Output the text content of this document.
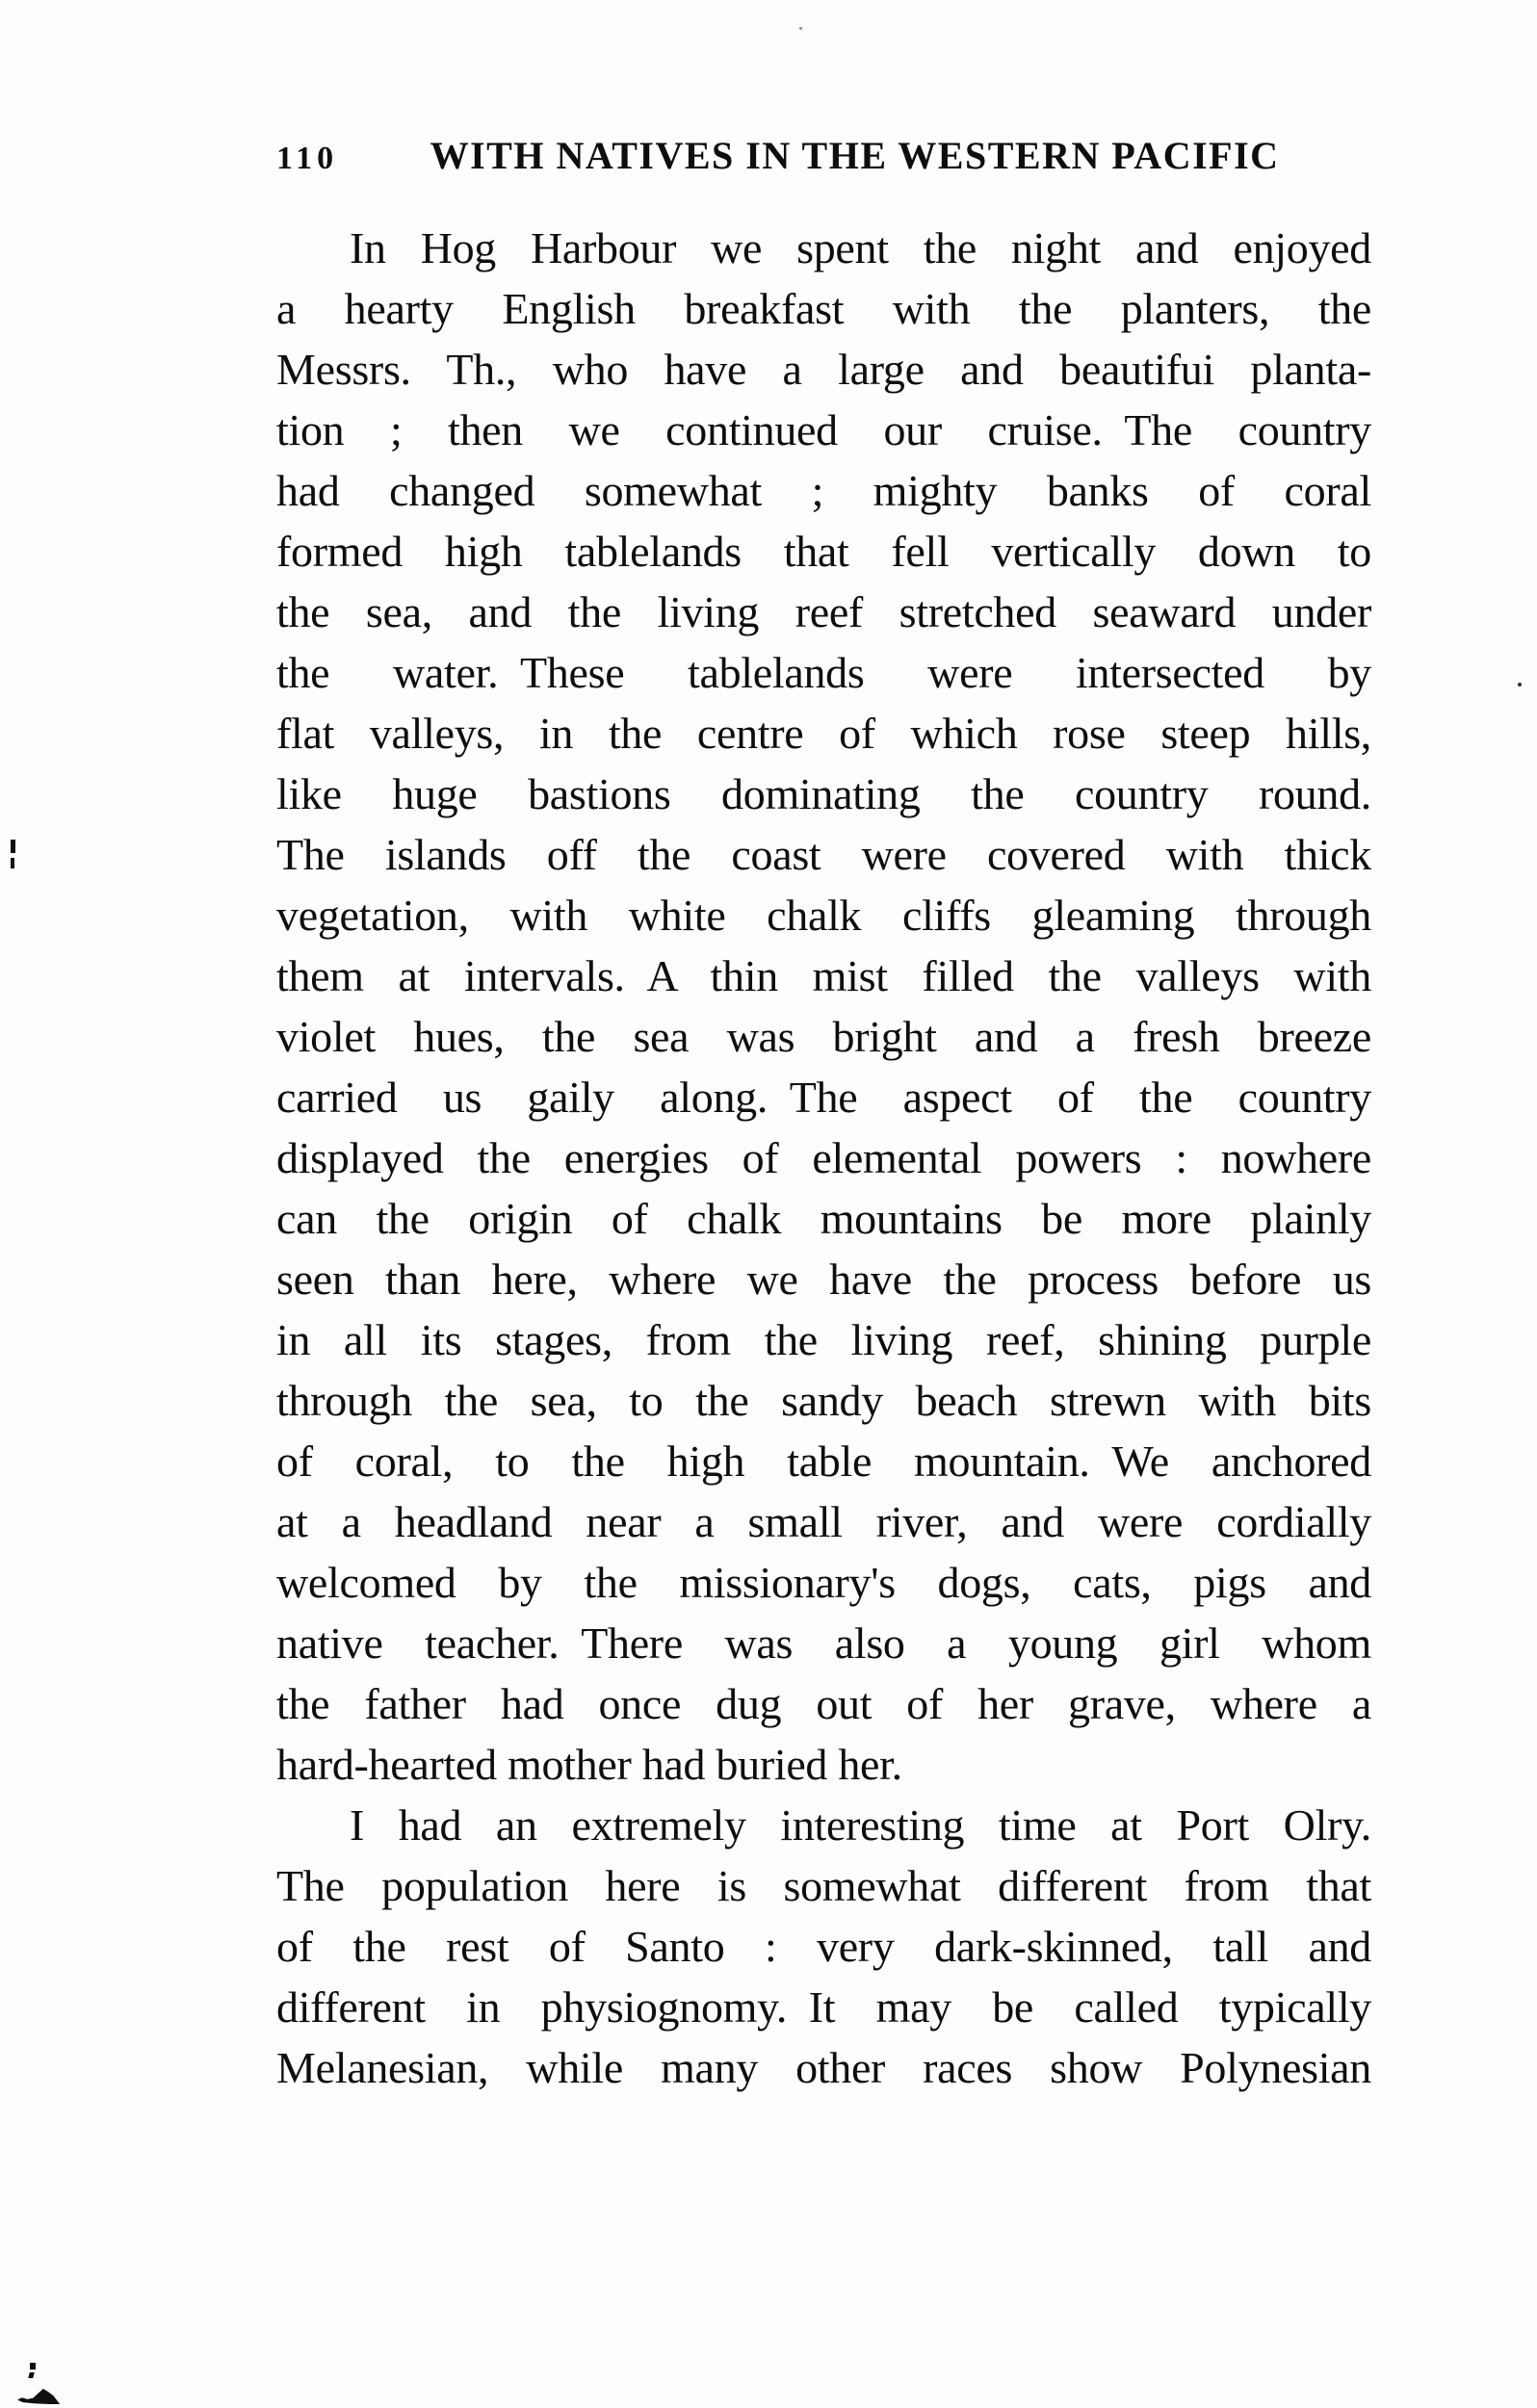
110	WITH NATIVES IN THE WESTERN PACIFIC
In Hog Harbour we spent the night and enjoyed
a hearty English breakfast with the planters, the
Messrs. Th., who have a large and beautifui planta-
tion ; then we continued our cruise. The country
had changed somewhat ; mighty banks of coral
formed high tablelands that fell vertically down to
the sea, and the living reef stretched seaward under
the water. These tablelands were intersected by
flat valleys, in the centre of which rose steep hills,
like huge bastions dominating the country round.
The islands off the coast were covered with thick
vegetation, with white chalk cliffs gleaming through
them at intervals. A thin mist filled the valleys with
violet hues, the sea was bright and a fresh breeze
carried us gaily along. The aspect of the country
displayed the energies of elemental powers : nowhere
can the origin of chalk mountains be more plainly
seen than here, where we have the process before us
in all its stages, from the living reef, shining purple
through the sea, to the sandy beach strewn with bits
of coral, to the high table mountain. We anchored
at a headland near a small river, and were cordially
welcomed by the missionary's dogs, cats, pigs and
native teacher. There was also a young girl whom
the father had once dug out of her grave, where a
hard-hearted mother had buried her.
I had an extremely interesting time at Port Olry.
The population here is somewhat different from that
of the rest of Santo : very dark-skinned, tall and
different in physiognomy. It may be called typically
Melanesian, while many other races show Polynesian
